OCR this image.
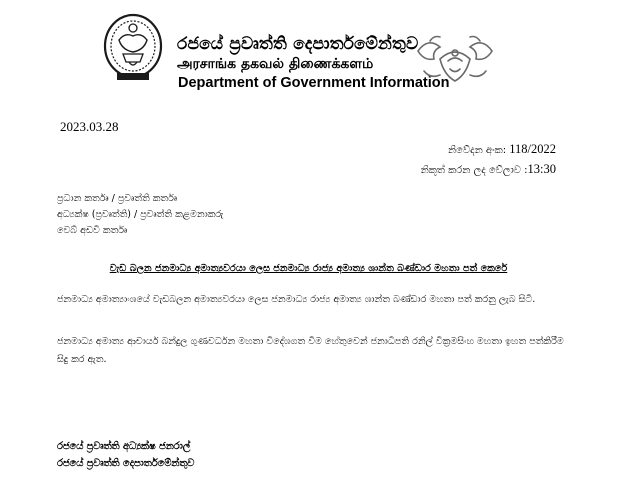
රජයේ ප්‍රවෘත්ති දෙපාර්තමේන්තුව
அரசாங்க தகவல் திணைக்களம்
Department of Government Information
2023.03.28
නිවේදන අංක: 118/2022
නිකුත් කරන ලද වේලාව :13:30
ප්‍රධාන කර්තෘ / ප්‍රවෘත්ති කර්තෘ
අධ්‍යක්ෂ (ප්‍රවෘත්ති) / ප්‍රවෘත්ති කළමනාකරු
වෙබ් අඩවි කර්තෘ
වැඩ බලන ජනමාධ්‍ය අමාත්‍යවරයා ලෙස ජනමාධ්‍ය රාජ්‍ය අමාත්‍ය ශාන්ත බණ්ඩාර මහතා පත් කෙරේ
ජනමාධ්‍ය අමාත්‍යාංශයේ වැඩබලන අමාත්‍යවරයා ලෙස ජනමාධ්‍ය රාජ්‍ය අමාත්‍ය ශාන්ත බණ්ඩාර මහතා පත් කරනු ලැබ සිටී.
ජනමාධ්‍ය අමාත්‍ය ආචාර්ය බන්දුල ගුණවර්ධන මහතා විදේශගත වීම හේතුවෙන් ජනාධිපති රනිල් වික්‍රමසිංහ මහතා ඉහත පත්කිරීම සිදු කර ඇත.
රජයේ ප්‍රවෘත්ති අධ්‍යක්ෂ ජනරාල්
රජයේ ප්‍රවෘත්ති දෙපාර්තමේන්තුව
